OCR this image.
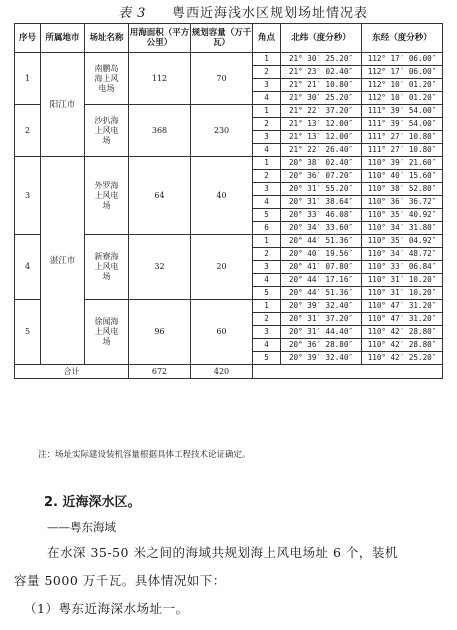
表 3 粤西近海浅水区规划场址情况表
序号	所属地市	场址名称	用海面积（平方公里）	规划容量（万千瓦）	角点	北纬（度分秒）	东经（度分秒）
1	阳江市	南鹏岛海上风电场	112	70	1	21° 30′ 25.20″	112° 17′ 06.00″
					2	21° 23′ 02.40″	112° 17′ 06.00″
					3	21° 21′ 10.80″	112° 10′ 01.20″
					4	21° 30′ 25.20″	112° 10′ 01.20″
2		沙扒海上风电场	368	230	1	21° 22′ 37.20″	111° 39′ 54.00″
					2	21° 13′ 12.00″	111° 39′ 54.00″
					3	21° 13′ 12.00″	111° 27′ 10.80″
					4	21° 22′ 26.40″	111° 27′ 10.80″
3	湛江市	外罗海上风电场	64	40	1	20° 38′ 02.40″	110° 39′ 21.60″
					2	20° 36′ 07.20″	110° 40′ 15.60″
					3	20° 31′ 55.20″	110° 38′ 52.80″
					4	20° 31′ 38.64″	110° 36′ 36.72″
					5	20° 33′ 46.08″	110° 35′ 40.92″
					6	20° 34′ 33.60″	110° 34′ 31.80″
4		新寮海上风电场	32	20	1	20° 44′ 51.36″	110° 35′ 04.92″
					2	20° 40′ 19.56″	110° 34′ 48.72″
					3	20° 41′ 07.80″	110° 33′ 06.84″
					4	20° 44′ 17.16″	110° 31′ 10.20″
					5	20° 44′ 51.36″	110° 31′ 10.20″
5		徐闻海上风电场	96	60	1	20° 39′ 32.40″	110° 47′ 31.20″
					2	20° 31′ 37.20″	110° 47′ 31.20″
					3	20° 31′ 44.40″	110° 42′ 28.80″
					4	20° 36′ 28.80″	110° 42′ 28.80″
					5	20° 39′ 32.40″	110° 42′ 25.20″
合计			672	420			
注：场址实际建设装机容量根据具体工程技术论证确定。
2. 近海深水区。
——粤东海域
在水深 35-50 米之间的海域共规划海上风电场址 6 个，装机
容量 5000 万千瓦。具体情况如下：
（1）粤东近海深水场址一。
